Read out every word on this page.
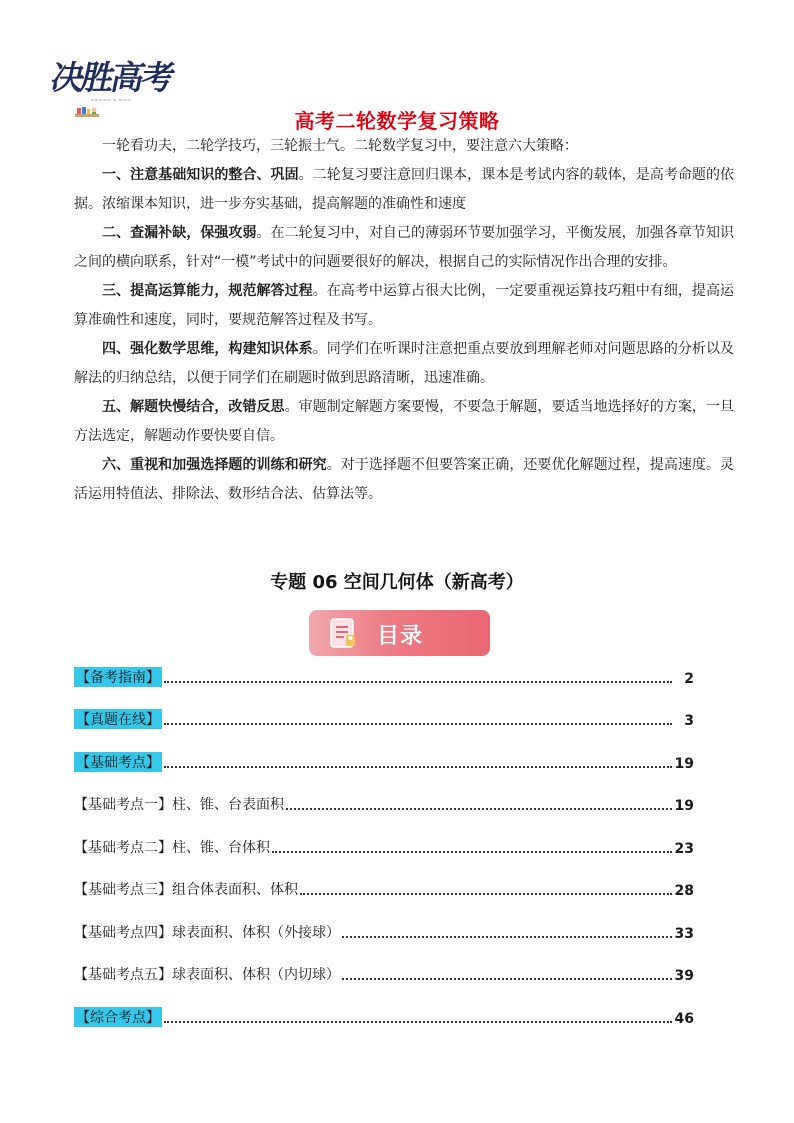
决胜高考
~~~~~ ~ ~~~
高考二轮数学复习策略

一轮看功夫，二轮学技巧，三轮振士气。二轮数学复习中，要注意六大策略：

一、注意基础知识的整合、巩固。二轮复习要注意回归课本，课本是考试内容的载体，是高考命题的依据。浓缩课本知识，进一步夯实基础，提高解题的准确性和速度

二、查漏补缺，保强攻弱。在二轮复习中，对自己的薄弱环节要加强学习，平衡发展，加强各章节知识之间的横向联系，针对“一模”考试中的问题要很好的解决，根据自己的实际情况作出合理的安排。

三、提高运算能力，规范解答过程。在高考中运算占很大比例，一定要重视运算技巧粗中有细，提高运算准确性和速度，同时，要规范解答过程及书写。

四、强化数学思维，构建知识体系。同学们在听课时注意把重点要放到理解老师对问题思路的分析以及解法的归纳总结，以便于同学们在刷题时做到思路清晰，迅速准确。

五、解题快慢结合，改错反思。审题制定解题方案要慢，不要急于解题，要适当地选择好的方案，一旦方法选定，解题动作要快要自信。

六、重视和加强选择题的训练和研究。对于选择题不但要答案正确，还要优化解题过程，提高速度。灵活运用特值法、排除法、数形结合法、估算法等。

专题 06 空间几何体（新高考）
目录
【备考指南】	2
【真题在线】	3
【基础考点】	19
【基础考点一】柱、锥、台表面积	19
【基础考点二】柱、锥、台体积	23
【基础考点三】组合体表面积、体积	28
【基础考点四】球表面积、体积（外接球）	33
【基础考点五】球表面积、体积（内切球）	39
【综合考点】	46
